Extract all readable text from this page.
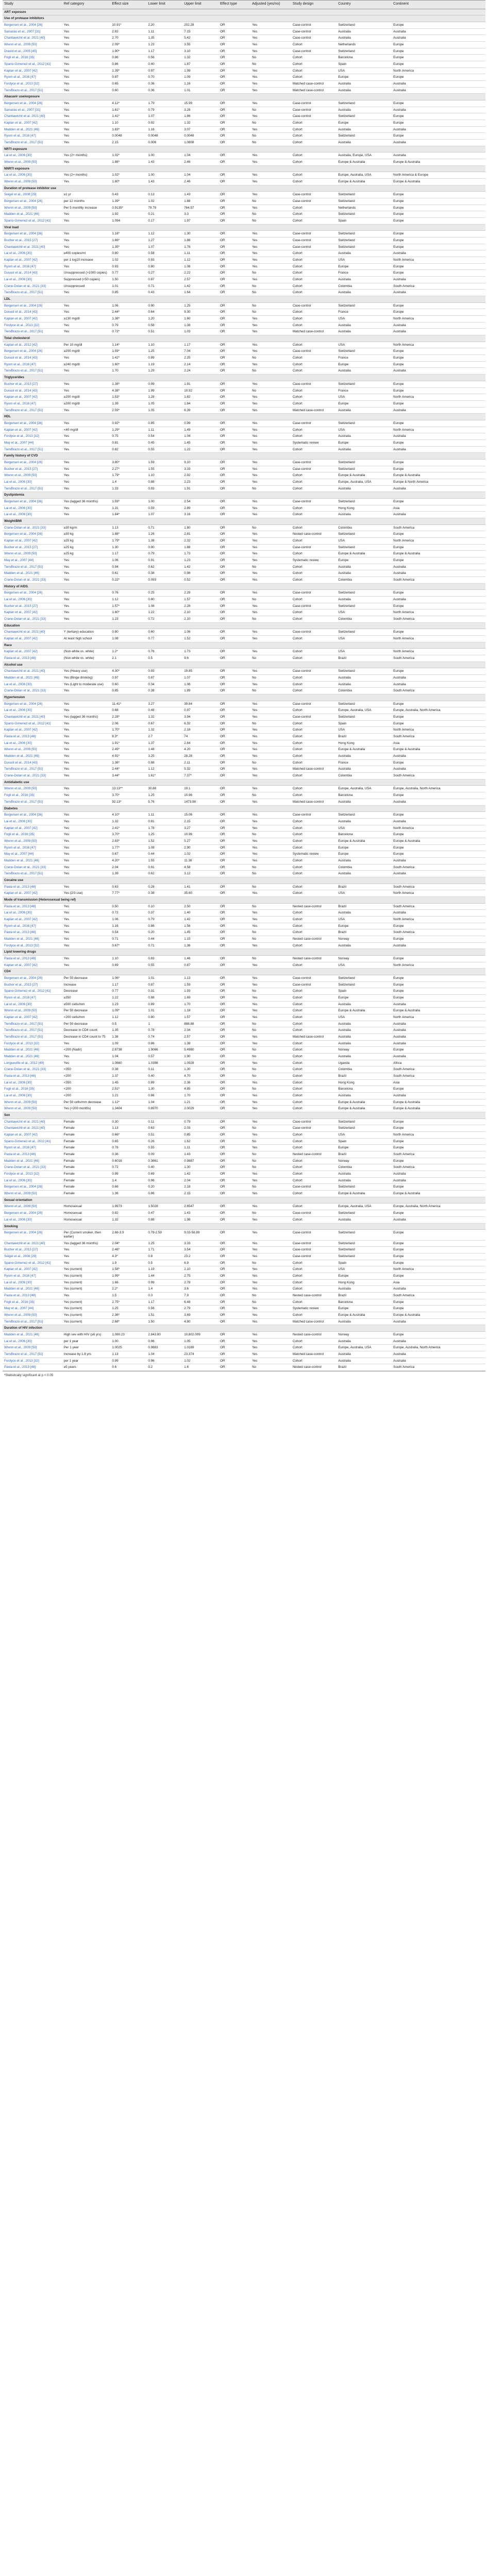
Study	Ref category	Effect size	Lower limit	Upper limit	Effect type	Adjusted (yes/no)	Study design	Country	Continent
ART exposure									
Use of protease inhibitors									
Bergersen et al., 2004 [26]	Yes	10.91*	2.20	202.28	OR	Yes	Case-control	Switzerland	Europe
Samaras et al., 2007 [31]	Yes	2.82	1.11	7.15	OR	Yes	Case-control	Australia	Australia
Chantawichit et al. 2021 [40]	Yes	2.70	1.35	5.42	OR	Yes	Case-control	Australia	Australia
Wrenn et al., 2009 [50]	Yes	2.09*	1.23	3.55	OR	Yes	Cohort	Netherlands	Europe
Dravid et al., 2005 [45]	Yes	1.90*	1.17	3.10	OR	Yes	Case-control	Switzerland	Europe
Fogli et al., 2016 [35]	Yes	0.86	0.56	1.32	OR	No	Cohort	Barcelona	Europe
Spano-Gimenez et al., 2012 [41]	Yes	0.86	0.40	1.87	OR	No	Cohort	Spain	Europe
Kaplan et al., 2007 [42]	Yes	1.39*	0.97	1.99	OR	Yes	Cohort	USA	North America
Ryom et al., 2016 [47]	Yes	0.87	0.70	1.09	OR	Yes	Cohort	Europe	Europe
Fordyce et al., 2013 [32]	Yes	0.65	0.36	1.16	OR	Yes	Matched case-control	Australia	Australia
Tien/Brazo et al., 2017 [51]	Yes	0.60	0.36	1.01	OR	Yes	Matched case-control	Australia	Australia
Abacavir use/exposure									
Bergersen et al., 2004 [26]	Yes	4.12*	1.79	15.99	OR	Yes	Case-control	Switzerland	Europe
Samaras et al., 2007 [31]	Yes	1.61*	0.79	3.28	OR	No	Case-control	Australia	Australia
Chantawichit et al. 2021 [40]	Yes	1.41*	1.07	1.86	OR	Yes	Case-control	Switzerland	Europe
Kaplan et al., 2007 [42]	Yes	1.10	0.92	1.32	OR	No	Cohort	Europe	Europe
Madden et al., 2021 [46]	Yes	1.83*	1.16	3.07	OR	Yes	Cohort	Australia	Australia
Ryom et al., 2016 [47]	Yes	0.0048	0.0048	0.0048	OR	No	Cohort	Switzerland	Europe
Tien/Brazo et al., 2017 [51]	Yes	2.15	0.006	1.0808	OR	No	Cohort	Australia	Australia
NRTI exposure									
Lai et al., 2006 [30]	Yes (2+ months)	1.02*	1.00	1.04	OR	Yes	Cohort	Australia, Europe, USA	Australia
Wrenn et al., 2009 [50]	Yes	1.88*	1.43	2.46	OR	Yes	Cohort	Europe & Australia	Europe & Australia
NNRTI exposure									
Lai et al., 2006 [30]	Yes (2+ months)	1.02*	1.00	1.04	OR	Yes	Cohort	Europe, Australia, USA	North America & Europe
Wrenn et al., 2009 [50]	Yes	1.80*	1.43	2.46	OR	Yes	Cohort	Europe & Australia	Europe & Australia
Duration of protease inhibitor use									
Seigel et al., 2008 [29]	≥1 yr	0.43	0.13	1.43	OR	Yes	Case-control	Switzerland	Europe
Bergersen et al., 2004 [26]	per 12 months	1.39*	1.02	1.88	OR	No	Case-control	Switzerland	Europe
Wrenn et al., 2009 [50]	Per 5 monthly increase	0.9135*	79.79	764.57	OR	Yes	Cohort	Netherlands	Europe
Madden et al., 2021 [46]	Yes	1.92	0.21	3.3	OR	No	Cohort	Switzerland	Europe
Spano-Gimenez et al., 2012 [41]	Yes	1.094	0.17	1.97	OR	No	Cohort	Spain	Europe
Viral load									
Bergersen et al., 2004 [26]	Yes	1.16*	1.12	1.30	OR	Yes	Case-control	Switzerland	Europe
Bucher et al., 2015 [27]	Yes	1.66*	1.27	1.88	OR	Yes	Case-control	Switzerland	Europe
Chantawichit et al. 2021 [40]	Yes	1.35*	1.07	1.76	OR	Yes	Case-control	Switzerland	Europe
Lai et al., 2006 [30]	≥400 copies/ml	0.80	0.58	1.11	OR	Yes	Cohort	Australia	Australia
Kaplan et al., 2007 [42]	per 1 log10 increase	1.02	0.93	1.12	OR	Yes	Cohort	USA	North America
Ryom et al., 2016 [47]	Yes	0.93	0.80	1.08	OR	Yes	Cohort	Europe	Europe
Duvast et al., 2014 [43]	Unsuppressed (>1000 copies)	0.77	0.27	2.22	OR	No	Cohort	France	Europe
Lai et al., 2006 [30]	Suppressed (<50 copies)	1.50	0.87	2.57	OR	Yes	Cohort	Australia	Australia
Crane-Dolan et al., 2021 [33]	Unsuppressed	1.01	0.71	1.42	OR	No	Cohort	Colombia	South America
Tien/Brazo et al., 2017 [51]	Yes	0.85	0.43	1.64	OR	No	Cohort	Australia	Australia
LDL									
Bergersen et al., 2004 [26]	Yes	1.06	0.90	1.25	OR	No	Case-control	Switzerland	Europe
Duvast et al., 2014 [43]	Yes	2.44*	0.64	9.30	OR	No	Cohort	France	Europe
Kaplan et al., 2007 [42]	≥130 mg/dl	1.38*	1.20	1.60	OR	Yes	Cohort	USA	North America
Fordyce et al., 2013 [32]	Yes	0.79	0.58	1.08	OR	Yes	Cohort	Australia	Australia
Tien/Brazo et al., 2017 [51]	Yes	0.72*	0.51	1.03	OR	Yes	Matched case-control	Australia	Australia
Total cholesterol									
Kaplan et al., 2012 [42]	Per 10 mg/dl	1.14*	1.10	1.17	OR	Yes	Cohort	USA	North America
Bergersen et al., 2004 [26]	≥200 mg/dl	1.59*	1.25	7.04	OR	Yes	Case-control	Switzerland	Europe
Duvast et al., 2014 [43]	Yes	1.42*	0.89	2.25	OR	No	Cohort	France	Europe
Ryom et al., 2016 [47]	≥240 mg/dl	1.60*	1.19	2.14	OR	Yes	Cohort	Europe	Europe
Tien/Brazo et al., 2017 [51]	Yes	1.70	1.29	2.24	OR	No	Cohort	Australia	Australia
Triglycerides									
Bucher et al., 2015 [27]	Yes	1.38*	0.99	1.91	OR	Yes	Case-control	Switzerland	Europe
Duvast et al., 2014 [43]	Yes	4.38*	1.99	10.92	OR	No	Cohort	France	Europe
Kaplan et al., 2007 [42]	≥200 mg/dl	1.53*	1.28	1.82	OR	Yes	Cohort	USA	North America
Ryom et al., 2016 [47]	≥200 mg/dl	1.39	1.05	1.84	OR	Yes	Cohort	Europe	Europe
Tien/Brazo et al., 2017 [51]	Yes	2.59*	1.05	6.39	OR	Yes	Matched case-control	Australia	Australia
HDL									
Bergersen et al., 2004 [26]	Yes	0.92*	0.85	0.99	OR	Yes	Case-control	Switzerland	Europe
Kaplan et al., 2007 [42]	<40 mg/dl	1.29*	1.11	1.49	OR	Yes	Cohort	USA	North America
Fordyce et al., 2013 [32]	Yes	0.75	0.54	1.04	OR	Yes	Cohort	Australia	Australia
May et al., 2007 [44]	Yes	0.81	0.45	1.45	OR	Yes	Systematic review	Europe	Europe
Tien/Brazo et al., 2017 [51]	Yes	0.82	0.55	1.22	OR	Yes	Cohort	Australia	Australia
Family history of CVD									
Bergersen et al., 2004 [26]	Yes	3.80*	1.59	9.10	OR	Yes	Case-control	Switzerland	Europe
Bucher et al., 2015 [27]	Yes	2.27*	1.55	3.33	OR	Yes	Case-control	Switzerland	Europe
Wrenn et al., 2009 [50]	Yes	1.79*	1.10	2.92	OR	Yes	Cohort	Europe & Australia	Europe & Australia
Lai et al., 2006 [30]	Yes	1.4	0.88	2.23	OR	Yes	Cohort	Europe, Australia, USA	Europe & North America
Tien/Brazo et al., 2017 [51]	Yes	1.33	0.93	1.91	OR	No	Cohort	Australia	Australia
Dyslipidemia									
Bergersen et al., 2004 [26]	Yes (lagged 36 months)	1.59*	1.00	2.54	OR	Yes	Case-control	Switzerland	Europe
Lai et al., 2006 [30]	Yes	1.31	0.59	2.89	OR	Yes	Cohort	Hong Kong	Asia
Lai et al., 2006 [30]	Yes	1.84*	1.07	3.16	OR	Yes	Cohort	Australia	Australia
Weight/BMI									
Crane-Dolan et al., 2021 [33]	≥30 kg/m	1.13	0.71	1.80	OR	No	Cohort	Colombia	South America
Bergersen et al., 2004 [26]	≥30 kg	1.88*	1.26	2.81	OR	Yes	Nested case-control	Switzerland	Europe
Kaplan et al., 2007 [42]	≥25 kg	1.79*	1.38	2.32	OR	Yes	Cohort	USA	North America
Bucher et al., 2015 [27]	≥25 kg	1.30	0.90	1.88	OR	Yes	Case-control	Switzerland	Europe
Wrenn et al., 2009 [50]	≥25 kg	1.17	0.79	1.73	OR	Yes	Cohort	Europe & Australia	Europe & Australia
May et al., 2007 [44]	Yes	1.06	0.91	1.23	OR	Yes	Systematic review	Europe	Europe
Tien/Brazo et al., 2017 [51]	Yes	0.94	0.62	1.42	OR	No	Cohort	Australia	Australia
Madden et al., 2021 [46]	Yes	0.61	0.38	0.98	OR	Yes	Cohort	Australia	Australia
Crane-Dolan et al., 2021 [33]	Yes	0.22*	0.093	0.52	OR	Yes	Cohort	Colombia	South America
History of AIDS									
Bergersen et al., 2004 [26]	Yes	0.76	0.25	2.29	OR	Yes	Case-control	Switzerland	Europe
Lai et al., 2006 [30]	Yes	1.12	0.80	1.57	OR	No	Cohort	Australia	Australia
Bucher et al., 2015 [27]	Yes	1.57*	1.08	2.28	OR	Yes	Case-control	Switzerland	Europe
Kaplan et al., 2007 [42]	Yes	1.60*	1.22	2.10	OR	Yes	Cohort	USA	North America
Crane-Dolan et al., 2021 [33]	Yes	1.23	0.72	2.10	OR	No	Cohort	Colombia	South America
Education									
Chantawichit et al. 2021 [40]	Y (tertiary) education	0.80	0.60	1.06	OR	Yes	Case-control	Switzerland	Europe
Kaplan et al., 2007 [42]	At least high school	1.08	0.77	1.52	OR	Yes	Cohort	USA	North America
Race									
Kaplan et al., 2007 [42]	(Non-white vs. white)	1.2*	0.76	1.73	OR	Yes	Cohort	USA	North America
Paula et al., 2013 [48]	(Non-white vs. white)	2.1	0.5	9.6	OR	No	Cohort	Brazil	South America
Alcohol use									
Chantawichit et al. 2021 [40]	Yes (Heavy use)	4.30*	0.93	19.85	OR	Yes	Case-control	Switzerland	Europe
Madden et al., 2021 [46]	Yes (Binge drinking)	0.97	0.87	1.07	OR	No	Cohort	Australia	Australia
Lai et al., 2006 [30]	Yes (Light to moderate use)	0.60	0.34	1.06	OR	Yes	Cohort	Australia	Australia
Crane-Dolan et al., 2021 [33]	Yes	0.85	0.38	1.89	OR	No	Cohort	Colombia	South America
Hypertension									
Bergersen et al., 2004 [26]	Yes	11.41*	3.27	39.84	OR	Yes	Case-control	Switzerland	Europe
Lai et al., 2006 [30]	Yes	0.68	0.48	0.97	OR	Yes	Cohort	Europe, Australia, USA	Europe, Australia, North America
Chantawichit et al. 2021 [40]	Yes (lagged 36 months)	2.28*	1.32	3.94	OR	Yes	Case-control	Switzerland	Europe
Spano-Gimenez et al., 2012 [41]	Yes	2.06	0.67	6.32	OR	No	Cohort	Spain	Europe
Kaplan et al., 2007 [42]	Yes	1.70*	1.32	2.18	OR	Yes	Cohort	USA	North America
Paula et al., 2013 [48]	Yes	8.3*	2.7	74	OR	Yes	Cohort	Brazil	South America
Lai et al., 2006 [30]	Yes	1.91*	1.37	2.64	OR	Yes	Cohort	Hong Kong	Asia
Wrenn et al., 2009 [50]	Yes	2.49*	1.48	4.20	OR	Yes	Cohort	Europe & Australia	Europe & Australia
Madden et al., 2021 [46]	Yes	4.91*	3.25	28.28	OR	Yes	Cohort	Australia	Australia
Duvast et al., 2014 [43]	Yes	1.36*	0.88	2.11	OR	No	Cohort	France	Europe
Tien/Brazo et al., 2017 [51]	Yes	2.44*	1.12	5.32	OR	Yes	Matched case-control	Australia	Australia
Crane-Dolan et al., 2021 [33]	Yes	3.44*	1.61*	7.37*	OR	Yes	Cohort	Colombia	South America
Antidiabetic use									
Wrenn et al., 2009 [50]	Yes	13.13**	30.88	19.1	OR	Yes	Cohort	Europe, Australia, USA	Europe, Australia, North America
Fogli et al., 2016 [35]	Yes	3.70*	1.25	10.96	OR	No	Cohort	Barcelona	Europe
Tien/Brazo et al., 2017 [51]	Yes	92.13*	5.76	1473.98	OR	Yes	Matched case-control	Australia	Australia
Diabetes									
Bergersen et al., 2004 [26]	Yes	4.10*	1.11	15.06	OR	Yes	Case-control	Switzerland	Europe
Lai et al., 2006 [30]	Yes	1.32	0.81	2.15	OR	Yes	Cohort	Australia	Australia
Kaplan et al., 2007 [42]	Yes	2.41*	1.78	3.27	OR	Yes	Cohort	USA	North America
Fogli et al., 2016 [35]	Yes	3.70*	1.25	10.96	OR	No	Cohort	Barcelona	Europe
Wrenn et al., 2009 [50]	Yes	2.83*	1.52	5.27	OR	Yes	Cohort	Europe & Australia	Europe & Australia
Ryom et al., 2016 [47]	Yes	1.77*	1.08	2.90	OR	Yes	Cohort	Europe	Europe
May et al., 2007 [44]	Yes	0.67	0.44	1.02	OR	Yes	Systematic review	Europe	Europe
Madden et al., 2021 [46]	Yes	4.20*	1.55	11.38	OR	Yes	Cohort	Australia	Australia
Crane-Dolan et al., 2021 [33]	Yes	2.04	0.91	4.58	OR	No	Cohort	Colombia	South America
Tien/Brazo et al., 2017 [51]	Yes	1.39	0.62	3.12	OR	No	Cohort	Australia	Australia
Cocaine use									
Paula et al., 2013 [48]	Yes	0.63	0.28	1.41	OR	No	Cohort	Brazil	South America
Kaplan et al., 2007 [42]	Yes (2/3 use)	7.77*	0.38	35.60	OR	Yes	Cohort	USA	North America
Mode of transmission (Heterosexual being ref)									
Paula et al., 2013 [48]	Yes	0.50	0.10	2.50	OR	No	Nested case-control	Brazil	South America
Lai et al., 2006 [30]	Yes	0.72	0.37	1.40	OR	Yes	Cohort	Australia	Australia
Kaplan et al., 2007 [42]	Yes	1.06	0.79	1.42	OR	Yes	Cohort	USA	North America
Ryom et al., 2016 [47]	Yes	1.16	0.86	1.56	OR	Yes	Cohort	Europe	Europe
Paula et al., 2013 [48]	Yes	0.54	0.20	1.45	OR	No	Cohort	Brazil	South America
Madden et al., 2021 [46]	Yes	0.71	0.44	1.15	OR	No	Nested case-control	Norway	Europe
Fordyce et al., 2013 [32]	Yes	0.67*	0.71	1.36	OR	Yes	Cohort	Australia	Australia
Lipid lowering drugs									
Paula et al., 2013 [48]	Yes	1.10	0.83	1.46	OR	No	Nested case-control	Norway	Europe
Kaplan et al., 2007 [42]	Yes	0.69	0.55	0.87	OR	Yes	Cohort	USA	North America
CD4									
Bergersen et al., 2004 [26]	Per 50 decrease	1.06*	1.01	1.13	OR	Yes	Case-control	Switzerland	Europe
Bucher et al., 2015 [27]	Increase	1.17	0.87	1.59	OR	Yes	Case-control	Switzerland	Europe
Spano-Gimenez et al., 2012 [41]	Decrease	0.77	0.31	1.93	OR	No	Cohort	Spain	Europe
Ryom et al., 2016 [47]	≥350	1.22	0.88	1.69	OR	Yes	Cohort	Europe	Europe
Lai et al., 2006 [30]	≥500 cells/mm	1.23	0.89	1.70	OR	Yes	Cohort	Australia	Australia
Wrenn et al., 2009 [50]	Per 50 decrease	1.09*	1.01	1.18	OR	Yes	Cohort	Europe & Australia	Europe & Australia
Kaplan et al., 2007 [42]	<200 cells/mm	1.12	0.80	1.57	OR	Yes	Cohort	USA	North America
Tien/Brazo et al., 2017 [51]	Per 50 decrease	0.5	1	888.88	OR	No	Cohort	Australia	Australia
Tien/Brazo et al., 2017 [51]	Decrease in CD4 count	1.35	0.78	2.34	OR	No	Cohort	Australia	Australia
Tien/Brazo et al., 2017 [51]	Decrease in CD4 count to 75	1.38	0.74	2.57	OR	Yes	Matched case-control	Australia	Australia
Fordyce et al., 2013 [32]	Yes	1.09	0.86	1.38	OR	Yes	Cohort	Australia	Australia
Madden et al., 2021 [46]	<200 (Nadir)	2.8738	1.9066	5.4980	OR	No	Cohort	Norway	Europe
Madden et al., 2021 [46]	Yes	1.04	0.57	1.90	OR	No	Cohort	Australia	Australia
Longueville et al., 2012 [49]	Yes	1.0660	1.0398	1.0928	OR	Yes	Cohort	Uganda	Africa
Crane-Dolan et al., 2021 [33]	<350	0.38	0.11	1.30	OR	No	Cohort	Colombia	South America
Paula et al., 2013 [48]	<200	1.37	0.40	4.70	OR	No	Cohort	Brazil	South America
Lai et al., 2006 [30]	<350	1.45	0.89	2.36	OR	Yes	Cohort	Hong Kong	Asia
Fogli et al., 2016 [35]	<200	2.51*	1.30	4.85	OR	No	Cohort	Barcelona	Europe
Lai et al., 2006 [30]	<200	1.21	0.86	1.70	OR	Yes	Cohort	Australia	Australia
Wrenn et al., 2009 [50]	Per 50 cells/mm decrease	1.12*	1.04	1.21	OR	Yes	Cohort	Europe & Australia	Europe & Australia
Wrenn et al., 2009 [50]	Yes (<200 months)	1.3404	0.8970	2.0029	OR	Yes	Cohort	Europe & Australia	Europe & Australia
Sex									
Chantawichit et al. 2021 [40]	Female	0.30	0.11	0.79	OR	Yes	Case-control	Switzerland	Europe
Chantawichit et al. 2021 [40]	Female	1.13	0.63	2.03	OR	No	Case-control	Switzerland	Europe
Kaplan et al., 2007 [42]	Female	0.66*	0.51	0.85	OR	Yes	Cohort	USA	North America
Spano-Gimenez et al., 2012 [41]	Female	0.65	0.26	1.62	OR	No	Cohort	Spain	Europe
Ryom et al., 2016 [47]	Female	0.78	0.55	1.11	OR	Yes	Cohort	Europe	Europe
Paula et al., 2013 [48]	Female	0.36	0.09	1.43	OR	No	Nested case-control	Brazil	South America
Madden et al., 2021 [46]	Female	0.6016	0.3661	0.9887	OR	No	Cohort	Norway	Europe
Crane-Dolan et al., 2021 [33]	Female	0.72	0.40	1.30	OR	No	Cohort	Colombia	South America
Fordyce et al., 2013 [32]	Female	0.99	0.69	1.42	OR	Yes	Cohort	Australia	Australia
Lai et al., 2006 [30]	Female	1.4	0.96	2.04	OR	Yes	Cohort	Australia	Australia
Bergersen et al., 2004 [26]	Female	0.66	0.20	2.18	OR	No	Case-control	Switzerland	Europe
Wrenn et al., 2009 [50]	Female	1.36	0.86	2.15	OR	Yes	Cohort	Europe & Australia	Europe & Australia
Sexual orientation									
Wrenn et al., 2009 [50]	Homosexual	1.9973	1.5028	2.6547	OR	Yes	Cohort	Europe, Australia, USA	Europe, Australia, North America
Bergersen et al., 2004 [26]	Homosexual	0.82	0.47	1.43	OR	No	Case-control	Switzerland	Europe
Lai et al., 2006 [30]	Homosexual	1.32	0.88	1.98	OR	Yes	Cohort	Australia	Australia
Smoking									
Bergersen et al., 2004 [26]	Per (Current smoker, then earlier)	2.66-3.9	0.78-2.59	9.03-58.89	OR	Yes	Case-control	Switzerland	Europe
Chantawichit et al. 2021 [40]	Yes (lagged 36 months)	2.04*	1.25	3.33	OR	Yes	Case-control	Switzerland	Europe
Bucher et al., 2015 [27]	Yes	2.46*	1.71	3.54	OR	Yes	Case-control	Switzerland	Europe
Seigel et al., 2008 [29]	Yes	4.3*	0.8	23.2	OR	Yes	Case-control	Switzerland	Europe
Spano-Gimenez et al., 2012 [41]	Yes	1.9	0.5	6.9	OR	No	Cohort	Spain	Europe
Kaplan et al., 2007 [42]	Yes (current)	1.58*	1.19	2.10	OR	Yes	Cohort	USA	North America
Ryom et al., 2016 [47]	Yes (current)	1.99*	1.44	2.75	OR	Yes	Cohort	Europe	Europe
Lai et al., 2006 [30]	Yes (current)	1.66	0.99	2.78	OR	Yes	Cohort	Hong Kong	Asia
Madden et al., 2021 [46]	Yes (current)	2.2*	1.4	3.6	OR	Yes	Cohort	Australia	Australia
Paula et al., 2013 [48]	Yes	1.5	0.3	7.9	OR	No	Nested case-control	Brazil	South America
Fogli et al., 2016 [35]	Yes (current)	2.75*	1.17	6.48	OR	No	Cohort	Barcelona	Europe
May et al., 2007 [44]	Yes (current)	1.25	0.56	2.79	OR	Yes	Systematic review	Europe	Europe
Wrenn et al., 2009 [50]	Yes (current)	2.36*	1.51	3.69	OR	Yes	Cohort	Europe & Australia	Europe & Australia
Tien/Brazo et al., 2017 [51]	Yes (current)	2.68*	1.50	4.80	OR	Yes	Matched case-control	Australia	Australia
Duration of HIV infection									
Madden et al., 2021 [46]	High sev with HIV (≥6 yrs)	1,080.23	2,843.80	10,802.009	OR	Yes	Nested case-control	Norway	Europe
Lai et al., 2006 [30]	per 1 year	1.00	0.96	1.05	OR	Yes	Cohort	Australia	Australia
Wrenn et al., 2009 [50]	Per 1 year	1.0025	0.9883	1.0169	OR	Yes	Cohort	Europe, Australia, USA	Europe, Australia, North America
Tien/Brazo et al., 2017 [51]	Increase by 1.8 yrs	1.13	1.04	23.374	OR	Yes	Matched case-control	Australia	Australia
Fordyce et al., 2013 [32]	per 1 year	0.99	0.96	1.02	OR	Yes	Cohort	Australia	Australia
Paula et al., 2013 [48]	≥5 years	0.6	0.2	1.6	OR	No	Nested case-control	Brazil	South America
*Statistically significant at p < 0.05
